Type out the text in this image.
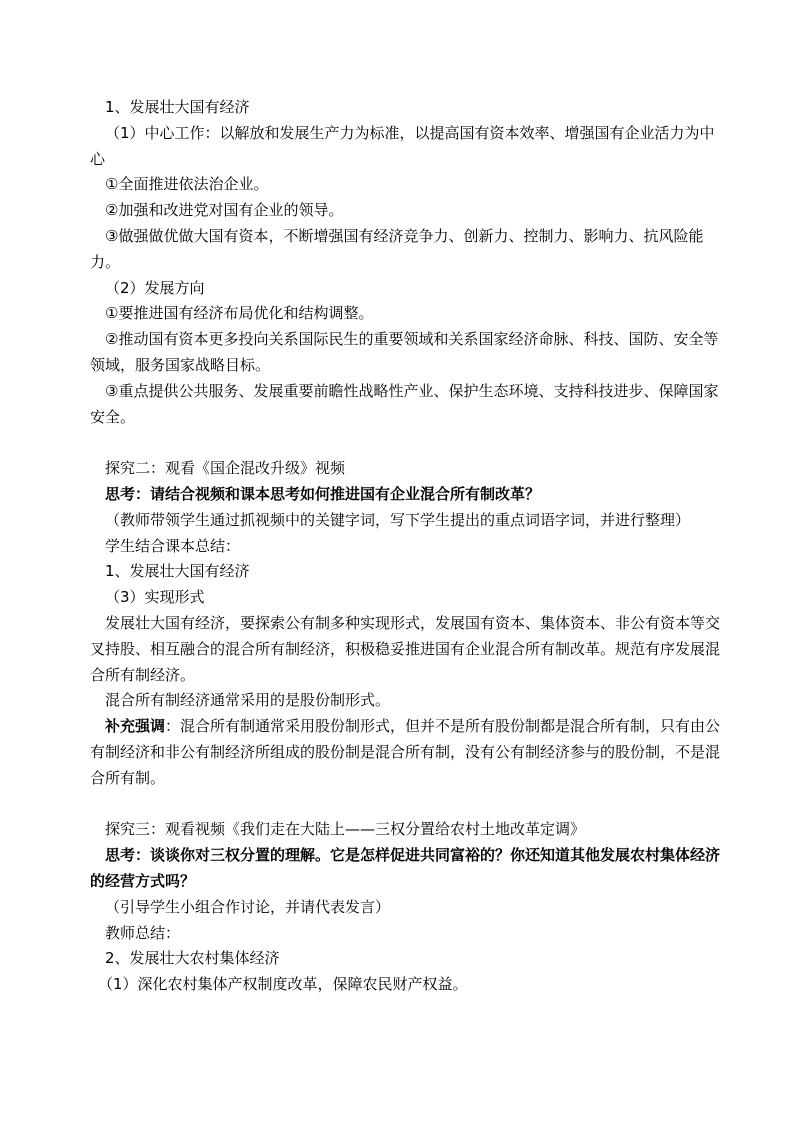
1、发展壮大国有经济

（1）中心工作：以解放和发展生产力为标准，以提高国有资本效率、增强国有企业活力为中心

①全面推进依法治企业。

②加强和改进党对国有企业的领导。

③做强做优做大国有资本，不断增强国有经济竞争力、创新力、控制力、影响力、抗风险能力。

（2）发展方向

①要推进国有经济布局优化和结构调整。

②推动国有资本更多投向关系国际民生的重要领域和关系国家经济命脉、科技、国防、安全等领域，服务国家战略目标。

③重点提供公共服务、发展重要前瞻性战略性产业、保护生态环境、支持科技进步、保障国家安全。

探究二：观看《国企混改升级》视频

思考：请结合视频和课本思考如何推进国有企业混合所有制改革？

（教师带领学生通过抓视频中的关键字词，写下学生提出的重点词语字词，并进行整理）

学生结合课本总结：

1、发展壮大国有经济

（3）实现形式

发展壮大国有经济，要探索公有制多种实现形式，发展国有资本、集体资本、非公有资本等交叉持股、相互融合的混合所有制经济，积极稳妥推进国有企业混合所有制改革。规范有序发展混合所有制经济。

混合所有制经济通常采用的是股份制形式。

补充强调：混合所有制通常采用股份制形式，但并不是所有股份制都是混合所有制，只有由公有制经济和非公有制经济所组成的股份制是混合所有制，没有公有制经济参与的股份制，不是混合所有制。

探究三：观看视频《我们走在大陆上——三权分置给农村土地改革定调》

思考：谈谈你对三权分置的理解。它是怎样促进共同富裕的？你还知道其他发展农村集体经济的经营方式吗？

（引导学生小组合作讨论，并请代表发言）

教师总结：

2、发展壮大农村集体经济

（1）深化农村集体产权制度改革，保障农民财产权益。
